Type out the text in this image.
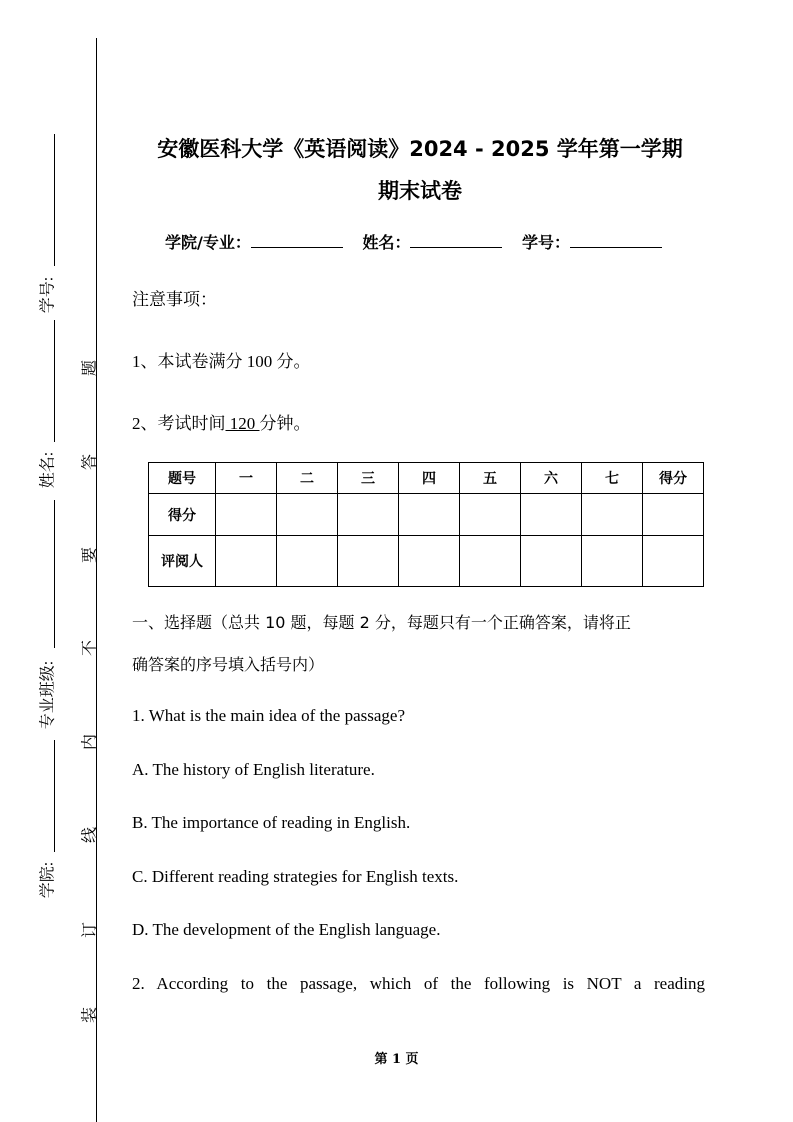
学号:
姓名:
专业班级:
学院:
题
答
要
不
内
线
订
装
安徽医科大学《英语阅读》2024 - 2025 学年第一学期
期末试卷
学院/专业：	姓名：	学号：
注意事项：
1、本试卷满分 100 分。
2、考试时间 120 分钟。
题号	一	二	三	四	五	六	七	得分
得分								
评阅人								
一、选择题（总共 10 题，每题 2 分，每题只有一个正确答案，请将正
确答案的序号填入括号内）
1. What is the main idea of the passage?
A. The history of English literature.
B. The importance of reading in English.
C. Different reading strategies for English texts.
D. The development of the English language.
2. According to the passage, which of the following is NOT a reading
第 1 页
